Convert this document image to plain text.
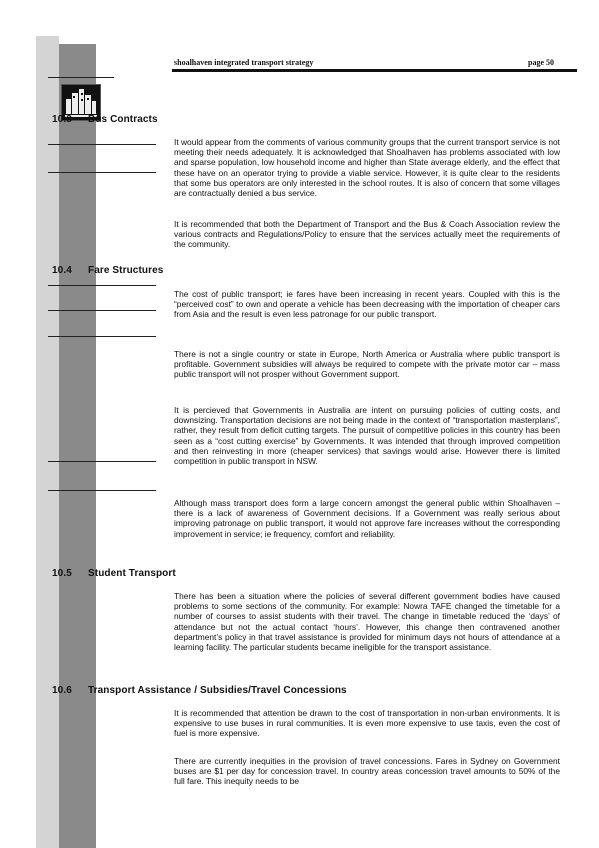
shoalhaven integrated transport strategy	page 50
10.3 Bus Contracts
It would appear from the comments of various community groups that the current transport service is not meeting their needs adequately. It is acknowledged that Shoalhaven has problems associated with low and sparse population, low household income and higher than State average elderly, and the effect that these have on an operator trying to provide a viable service. However, it is quite clear to the residents that some bus operators are only interested in the school routes. It is also of concern that some villages are contractually denied a bus service.
It is recommended that both the Department of Transport and the Bus & Coach Association review the various contracts and Regulations/Policy to ensure that the services actually meet the requirements of the community.
10.4 Fare Structures
The cost of public transport; ie fares have been increasing in recent years. Coupled with this is the “perceived cost” to own and operate a vehicle has been decreasing with the importation of cheaper cars from Asia and the result is even less patronage for our public transport.
There is not a single country or state in Europe, North America or Australia where public transport is profitable. Government subsidies will always be required to compete with the private motor car – mass public transport will not prosper without Government support.
It is percieved that Governments in Australia are intent on pursuing policies of cutting costs, and downsizing. Transportation decisions are not being made in the context of “transportation masterplans”, rather, they result from deficit cutting targets. The pursuit of competitive policies in this country has been seen as a “cost cutting exercise” by Governments. It was intended that through improved competition and then reinvesting in more (cheaper services) that savings would arise. However there is limited competition in public transport in NSW.
Although mass transport does form a large concern amongst the general public within Shoalhaven – there is a lack of awareness of Government decisions. If a Government was really serious about improving patronage on public transport, it would not approve fare increases without the corresponding improvement in service; ie frequency, comfort and reliability.
10.5 Student Transport
There has been a situation where the policies of several different government bodies have caused problems to some sections of the community. For example: Nowra TAFE changed the timetable for a number of courses to assist students with their travel. The change in timetable reduced the ‘days’ of attendance but not the actual contact ‘hours’. However, this change then contravened another department’s policy in that travel assistance is provided for minimum days not hours of attendance at a learning facility. The particular students became ineligible for the transport assistance.
10.6 Transport Assistance / Subsidies/Travel Concessions
It is recommended that attention be drawn to the cost of transportation in non-urban environments. It is expensive to use buses in rural communities. It is even more expensive to use taxis, even the cost of fuel is more expensive.
There are currently inequities in the provision of travel concessions. Fares in Sydney on Government buses are $1 per day for concession travel. In country areas concession travel amounts to 50% of the full fare. This inequity needs to be
